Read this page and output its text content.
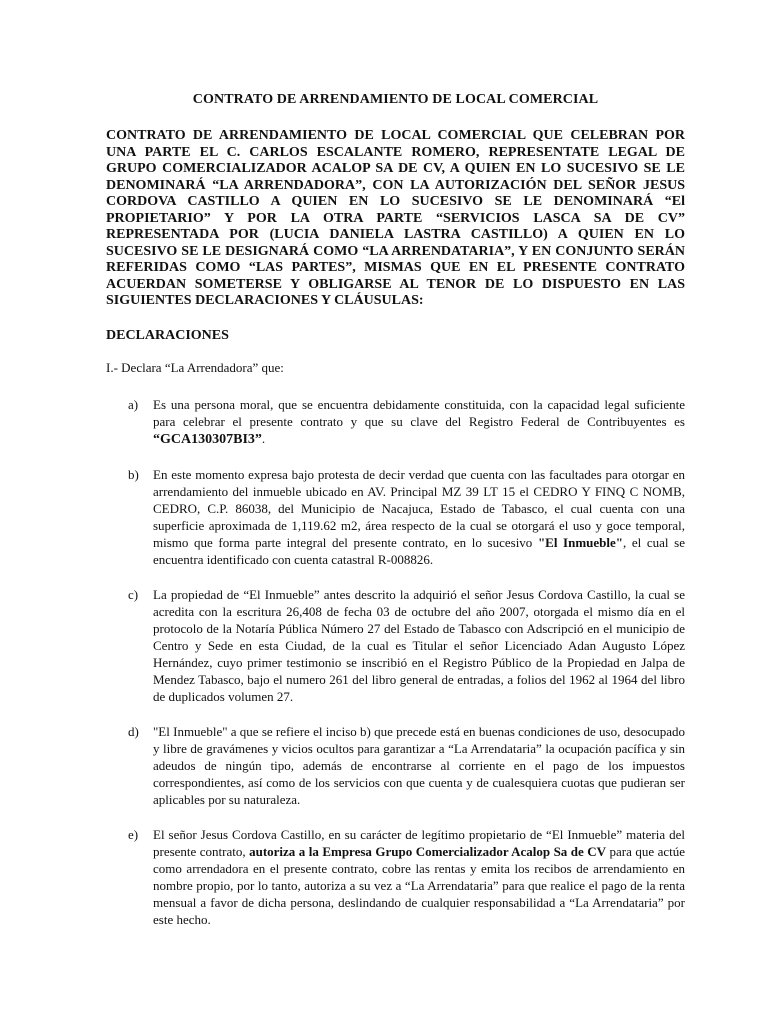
CONTRATO DE ARRENDAMIENTO DE LOCAL COMERCIAL
CONTRATO DE ARRENDAMIENTO DE LOCAL COMERCIAL QUE CELEBRAN POR UNA PARTE EL C. CARLOS ESCALANTE ROMERO, REPRESENTATE LEGAL DE GRUPO COMERCIALIZADOR ACALOP SA DE CV, A QUIEN EN LO SUCESIVO SE LE DENOMINARÁ “LA ARRENDADORA”, CON LA AUTORIZACIÓN DEL SEÑOR JESUS CORDOVA CASTILLO A QUIEN EN LO SUCESIVO SE LE DENOMINARÁ “El PROPIETARIO” Y POR LA OTRA PARTE “SERVICIOS LASCA SA DE CV” REPRESENTADA POR (LUCIA DANIELA LASTRA CASTILLO) A QUIEN EN LO SUCESIVO SE LE DESIGNARÁ COMO “LA ARRENDATARIA”, Y EN CONJUNTO SERÁN REFERIDAS COMO “LAS PARTES”, MISMAS QUE EN EL PRESENTE CONTRATO ACUERDAN SOMETERSE Y OBLIGARSE AL TENOR DE LO DISPUESTO EN LAS SIGUIENTES DECLARACIONES Y CLÁUSULAS:
DECLARACIONES
I.- Declara “La Arrendadora” que:
a) Es una persona moral, que se encuentra debidamente constituida, con la capacidad legal suficiente para celebrar el presente contrato y que su clave del Registro Federal de Contribuyentes es “GCA130307BI3”.
b) En este momento expresa bajo protesta de decir verdad que cuenta con las facultades para otorgar en arrendamiento del inmueble ubicado en AV. Principal MZ 39 LT 15 el CEDRO Y FINQ C NOMB, CEDRO, C.P. 86038, del Municipio de Nacajuca, Estado de Tabasco, el cual cuenta con una superficie aproximada de 1,119.62 m2, área respecto de la cual se otorgará el uso y goce temporal, mismo que forma parte integral del presente contrato, en lo sucesivo "El Inmueble", el cual se encuentra identificado con cuenta catastral R-008826.
c) La propiedad de “El Inmueble” antes descrito la adquirió el señor Jesus Cordova Castillo, la cual se acredita con la escritura 26,408 de fecha 03 de octubre del año 2007, otorgada el mismo día en el protocolo de la Notaría Pública Número 27 del Estado de Tabasco con Adscripció en el municipio de Centro y Sede en esta Ciudad, de la cual es Titular el señor Licenciado Adan Augusto López Hernández, cuyo primer testimonio se inscribió en el Registro Público de la Propiedad en Jalpa de Mendez Tabasco, bajo el numero 261 del libro general de entradas, a folios del 1962 al 1964 del libro de duplicados volumen 27.
d) "El Inmueble" a que se refiere el inciso b) que precede está en buenas condiciones de uso, desocupado y libre de gravámenes y vicios ocultos para garantizar a “La Arrendataria” la ocupación pacífica y sin adeudos de ningún tipo, además de encontrarse al corriente en el pago de los impuestos correspondientes, así como de los servicios con que cuenta y de cualesquiera cuotas que pudieran ser aplicables por su naturaleza.
e) El señor Jesus Cordova Castillo, en su carácter de legítimo propietario de “El Inmueble” materia del presente contrato, autoriza a la Empresa Grupo Comercializador Acalop Sa de CV para que actúe como arrendadora en el presente contrato, cobre las rentas y emita los recibos de arrendamiento en nombre propio, por lo tanto, autoriza a su vez a “La Arrendataria” para que realice el pago de la renta mensual a favor de dicha persona, deslindando de cualquier responsabilidad a “La Arrendataria” por este hecho.
